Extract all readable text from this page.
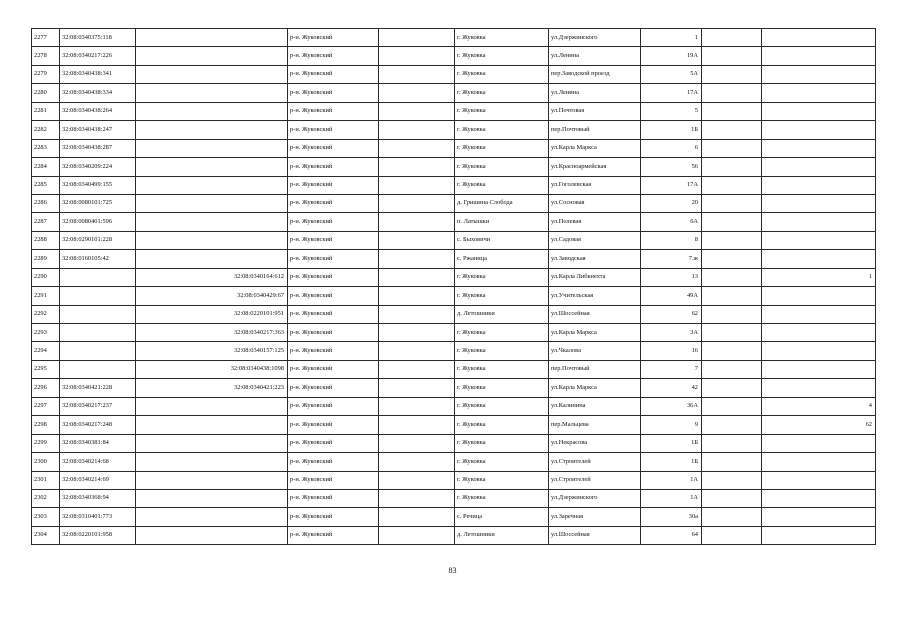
2277	32:08:0340375:118		р-н. Жуковский		г. Жуковка	ул.Дзержинского	1		
2278	32:08:0340217:226		р-н. Жуковский		г. Жуковка	ул.Ленина	19А		
2279	32:08:0340438:341		р-н. Жуковский		г. Жуковка	пер.Заводской проезд	5А		
2280	32:08:0340438:334		р-н. Жуковский		г. Жуковка	ул.Ленина	17А		
2281	32:08:0340438:264		р-н. Жуковский		г. Жуковка	ул.Почтовая	5		
2282	32:08:0340438:247		р-н. Жуковский		г. Жуковка	пер.Почтовый	1Б		
2283	32:08:0340438:287		р-н. Жуковский		г. Жуковка	ул.Карла Маркса	6		
2284	32:08:0340209:224		р-н. Жуковский		г. Жуковка	ул.Красноармейская	56		
2285	32:08:0340499:155		р-н. Жуковский		г. Жуковка	ул.Гоголевская	17А		
2286	32:08:0080101:725		р-н. Жуковский		д. Гришина Слобода	ул.Сосновая	20		
2287	32:08:0080401:596		р-н. Жуковский		п. Латышки	ул.Полевая	6А		
2288	32:08:0290101:228		р-н. Жуковский		с. Быховичи	ул.Садовая	8		
2289	32:08:0160105:42		р-н. Жуковский		с. Ржаница	ул.Заводская	7.ж		
2290		32:08:0340164:612	р-н. Жуковский		г. Жуковка	ул.Карла Либкнехта	13		1
2291		32:08:0340429:67	р-н. Жуковский		г. Жуковка	ул.Учительская	49А		
2292		32:08:0220101:951	р-н. Жуковский		д. Летошники	ул.Шоссейная	62		
2293		32:08:0340217:363	р-н. Жуковский		г. Жуковка	ул.Карла Маркса	3А		
2294		32:08:0340157:125	р-н. Жуковский		г. Жуковка	ул.Чкалова	16		
2295		32:08:0340438:1098	р-н. Жуковский		г. Жуковка	пер.Почтовый	7		
2296	32:08:0340421:228	32:08:0340421:223	р-н. Жуковский		г. Жуковка	ул.Карла Маркса	42		
2297	32:08:0340217:237		р-н. Жуковский		г. Жуковка	ул.Калинина	36А		4
2298	32:08:0340217:248		р-н. Жуковский		г. Жуковка	пер.Мальцева	9		62
2299	32:08:0340381:84		р-н. Жуковский		г. Жуковка	ул.Некрасова	1Б		
2300	32:08:0340214:68		р-н. Жуковский		г. Жуковка	ул.Строителей	1Б		
2301	32:08:0340214:69		р-н. Жуковский		г. Жуковка	ул.Строителей	1А		
2302	32:08:0340368:94		р-н. Жуковский		г. Жуковка	ул.Дзержинского	1А		
2303	32:08:0310401:773		р-н. Жуковский		с. Речица	ул.Заречная	30а		
2304	32:08:0220101:958		р-н. Жуковский		д. Летошники	ул.Шоссейная	64		
83
